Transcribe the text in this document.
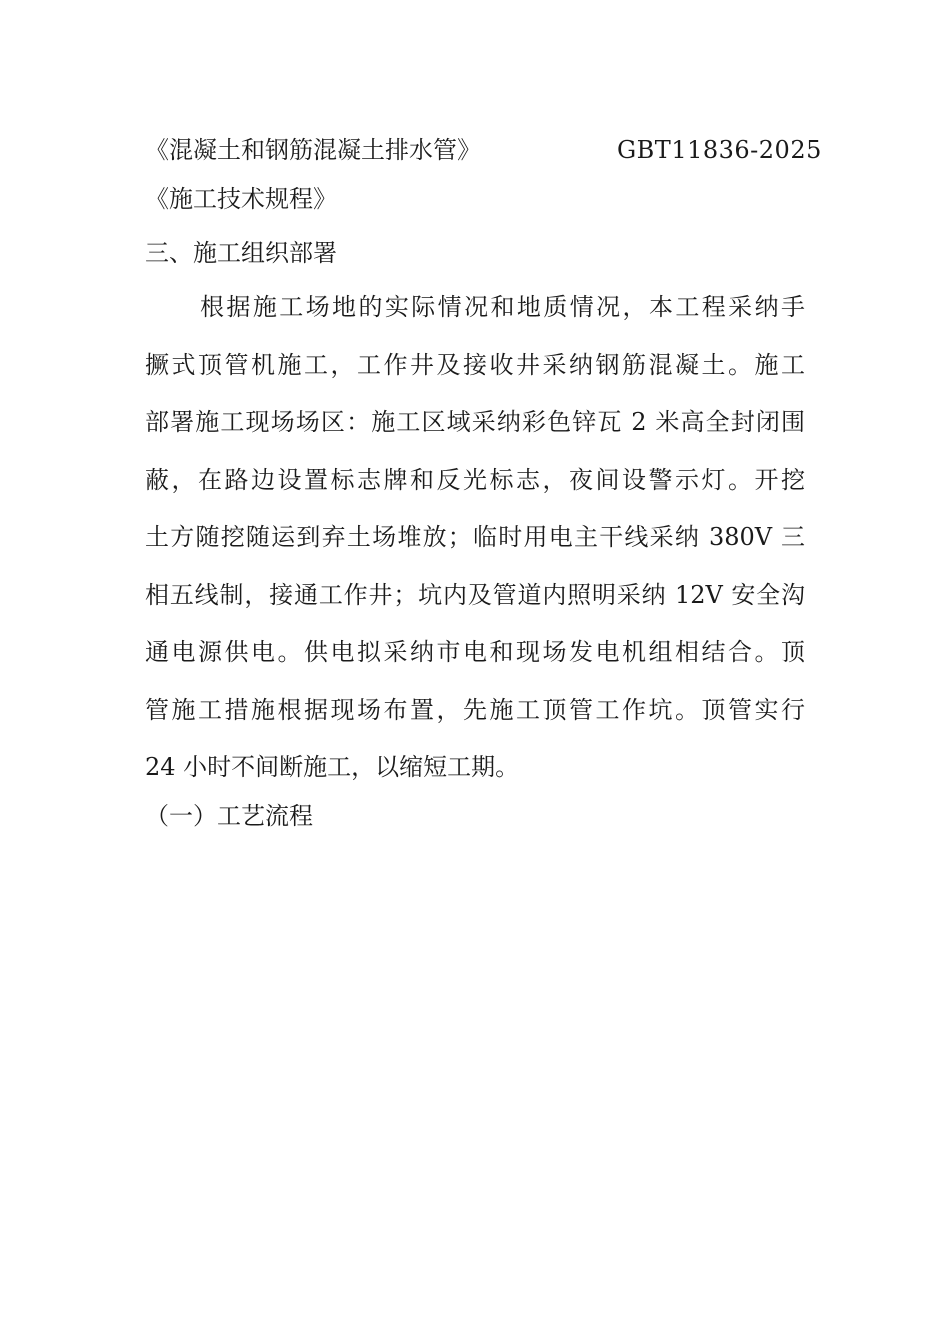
《混凝土和钢筋混凝土排水管》	GBT11836-2025
《施工技术规程》
三、施工组织部署
根据施工场地的实际情况和地质情况，本工程采纳手
撅式顶管机施工，工作井及接收井采纳钢筋混凝土。施工
部署施工现场场区：施工区域采纳彩色锌瓦 2 米高全封闭围
蔽，在路边设置标志牌和反光标志，夜间设警示灯。开挖
土方随挖随运到弃土场堆放；临时用电主干线采纳 380V 三
相五线制，接通工作井；坑内及管道内照明采纳 12V 安全沟
通电源供电。供电拟采纳市电和现场发电机组相结合。顶
管施工措施根据现场布置，先施工顶管工作坑。顶管实行
24 小时不间断施工，以缩短工期。
（一）工艺流程
